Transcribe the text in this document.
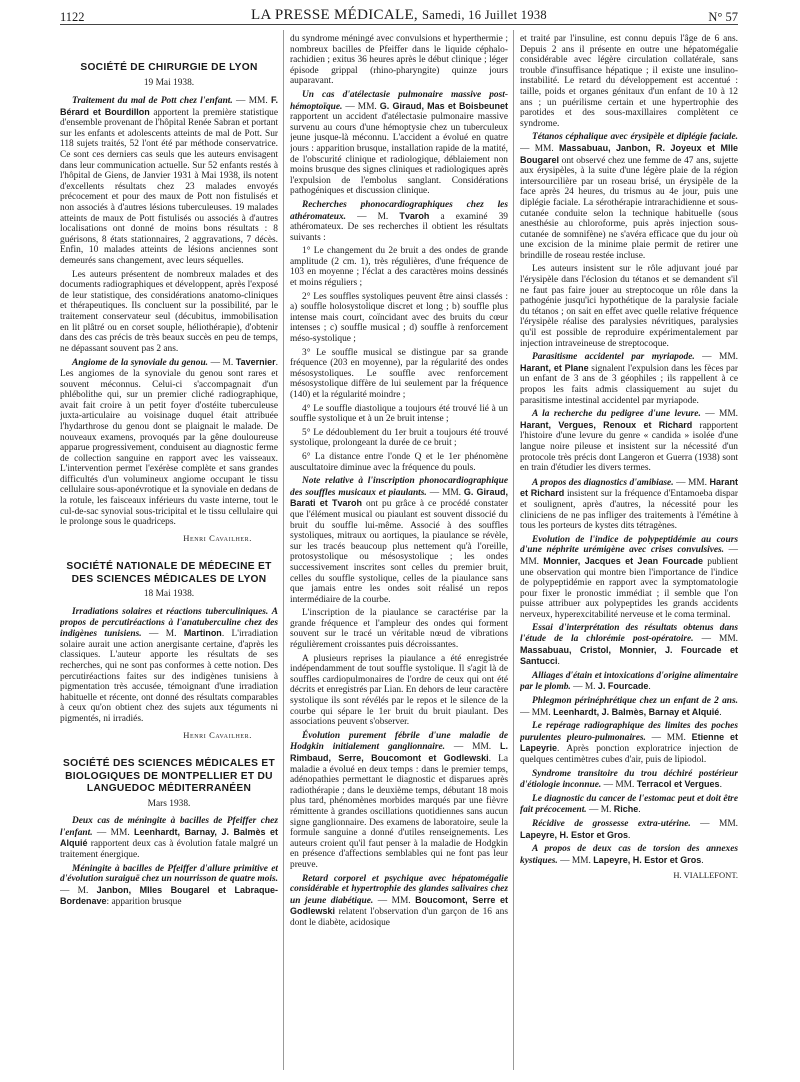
1122	LA PRESSE MÉDICALE, Samedi, 16 Juillet 1938	N° 57
SOCIÉTÉ DE CHIRURGIE DE LYON
19 Mai 1938.

Traitement du mal de Pott chez l'enfant. — MM. F. Bérard et Bourdillon apportent la première statistique d'ensemble provenant de l'hôpital Renée Sabran et portant sur les enfants et adolescents atteints de mal de Pott. Sur 118 sujets traités, 52 l'ont été par méthode conservatrice. Ce sont ces derniers cas seuls que les auteurs envisagent dans leur communication actuelle. Sur 52 enfants restés à l'hôpital de Giens, de Janvier 1931 à Mai 1938, ils notent d'excellents résultats chez 23 malades envoyés précocement et pour des maux de Pott non fistulisés et non associés à d'autres lésions tuberculeuses. 19 malades atteints de maux de Pott fistulisés ou associés à d'autres localisations ont donné de moins bons résultats : 8 guérisons, 8 états stationnaires, 2 aggravations, 7 décès. Enfin, 10 malades atteints de lésions anciennes sont demeurés sans changement, avec leurs séquelles.

Les auteurs présentent de nombreux malades et des documents radiographiques et développent, après l'exposé de leur statistique, des considérations anatomo-cliniques et thérapeutiques. Ils concluent sur la possibilité, par le traitement conservateur seul (décubitus, immobilisation en lit plâtré ou en corset souple, héliothérapie), d'obtenir dans des cas précis de très beaux succès en peu de temps, ne dépassant souvent pas 2 ans.

Angiome de la synoviale du genou. — M. Tavernier. Les angiomes de la synoviale du genou sont rares et souvent méconnus. Celui-ci s'accompagnait d'un phlébolithe qui, sur un premier cliché radiographique, avait fait croire à un petit foyer d'ostéite tuberculeuse juxta-articulaire au voisinage duquel était attribuée l'hydarthrose du genou dont se plaignait le malade. De nouveaux examens, provoqués par la gêne douloureuse apparue progressivement, conduisent au diagnostic ferme de collection sanguine en rapport avec les vaisseaux. L'intervention permet l'exérèse complète et sans grandes difficultés d'un volumineux angiome occupant le tissu cellulaire sous-aponévrotique et la synoviale en dedans de la rotule, les faisceaux inférieurs du vaste interne, tout le cul-de-sac synovial sous-tricipital et le tissu cellulaire qui le prolonge sous le quadriceps.

Henri Cavailher.
SOCIÉTÉ NATIONALE DE MÉDECINE ET DES SCIENCES MÉDICALES DE LYON
18 Mai 1938.

Irradiations solaires et réactions tuberculiniques. A propos de percutiréactions à l'anatuberculine chez des indigènes tunisiens. — M. Martinon. L'irradiation solaire aurait une action anergisante certaine, d'après les classiques. L'auteur apporte les résultats de ses recherches, qui ne sont pas conformes à cette notion. Des percutiréactions faites sur des indigènes tunisiens à pigmentation très accusée, témoignant d'une irradiation habituelle et récente, ont donné des résultats comparables à ceux qu'on obtient chez des sujets aux téguments ni pigmentés, ni irradiés.

Henri Cavailher.
SOCIÉTÉ DES SCIENCES MÉDICALES ET BIOLOGIQUES DE MONTPELLIER ET DU LANGUEDOC MÉDITERRANÉEN
Mars 1938.

Deux cas de méningite à bacilles de Pfeiffer chez l'enfant. — MM. Leenhardt, Barnay, J. Balmès et Alquié rapportent deux cas à évolution fatale malgré un traitement énergique.

Méningite à bacilles de Pfeiffer d'allure primitive et d'évolution suraiguë chez un nourrisson de quatre mois. — M. Janbon, Mlles Bougarel et Labraque-Bordenave: apparition brusque

du syndrome méningé avec convulsions et hyperthermie ; nombreux bacilles de Pfeiffer dans le liquide céphalo-rachidien ; exitus 36 heures après le début clinique ; léger épisode grippal (rhino-pharyngite) quinze jours auparavant.

Un cas d'atélectasie pulmonaire massive post-hémoptoïque. — MM. G. Giraud, Mas et Boisbeunet rapportent un accident d'atélectasie pulmonaire massive survenu au cours d'une hémoptysie chez un tuberculeux jeune jusque-là méconnu. L'accident a évolué en quatre jours : apparition brusque, installation rapide de la matité, de l'obscurité clinique et radiologique, déblaiement non moins brusque des signes cliniques et radiologiques après l'expulsion de l'embolus sanglant. Considérations pathogéniques et discussion clinique.

Recherches phonocardiographiques chez les athéromateux. — M. Tvaroh a examiné 39 athéromateux. De ses recherches il obtient les résultats suivants :

1° Le changement du 2e bruit a des ondes de grande amplitude (2 cm. 1), très régulières, d'une fréquence de 103 en moyenne ; l'éclat a des caractères moins dessinés et moins réguliers ;

2° Les souffles systoliques peuvent être ainsi classés : a) souffle holosystolique discret et long ; b) souffle plus intense mais court, coïncidant avec des bruits du cœur intenses ; c) souffle musical ; d) souffle à renforcement méso-systolique ;

3° Le souffle musical se distingue par sa grande fréquence (203 en moyenne), par la régularité des ondes mésosystoliques. Le souffle avec renforcement mésosystolique diffère de lui seulement par la fréquence (140) et la régularité moindre ;

4° Le souffle diastolique a toujours été trouvé lié à un souffle systolique et à un 2e bruit intense ;

5° Le dédoublement du 1er bruit a toujours été trouvé systolique, prolongeant la durée de ce bruit ;

6° La distance entre l'onde Q et le 1er phénomène auscultatoire diminue avec la fréquence du pouls.

Note relative à l'inscription phonocardiographique des souffles musicaux et piaulants. — MM. G. Giraud, Barati et Tvaroh ont pu grâce à ce procédé constater que l'élément musical ou piaulant est souvent dissocié du bruit du souffle lui-même. Associé à des souffles systoliques, mitraux ou aortiques, la piaulance se révèle, sur les tracés beaucoup plus nettement qu'à l'oreille, protosystolique ou mésosystolique ; les ondes successivement inscrites sont celles du premier bruit, celles du souffle systolique, celles de la piaulance sans que jamais entre les ondes soit réalisé un repos intermédiaire de la courbe.

L'inscription de la piaulance se caractérise par la grande fréquence et l'ampleur des ondes qui forment souvent sur le tracé un véritable nœud de vibrations régulièrement croissantes puis décroissantes.

A plusieurs reprises la piaulance a été enregistrée indépendamment de tout souffle systolique. Il s'agit là de souffles cardiopulmonaires de l'ordre de ceux qui ont été décrits et enregistrés par Lian. En dehors de leur caractère systolique ils sont révélés par le repos et le silence de la courbe qui sépare le 1er bruit du bruit piaulant. Des associations peuvent s'observer.

Évolution purement fébrile d'une maladie de Hodgkin initialement ganglionnaire. — MM. L. Rimbaud, Serre, Boucomont et Godlewski. La maladie a évolué en deux temps : dans le premier temps, adénopathies permettant le diagnostic et disparues après radiothérapie ; dans le deuxième temps, débutant 18 mois plus tard, phénomènes morbides marqués par une fièvre rémittente à grandes oscillations quotidiennes sans aucun signe ganglionnaire. Des examens de laboratoire, seule la formule sanguine a donné d'utiles renseignements. Les auteurs croient qu'il faut penser à la maladie de Hodgkin en présence d'affections semblables qui ne font pas leur preuve.

Retard corporel et psychique avec hépatomégalie considérable et hypertrophie des glandes salivaires chez un jeune diabétique. — MM. Boucomont, Serre et Godlewski relatent l'observation d'un garçon de 16 ans dont le diabète, acidosique

et traité par l'insuline, est connu depuis l'âge de 6 ans. Depuis 2 ans il présente en outre une hépatomégalie considérable avec légère circulation collatérale, sans trouble d'insuffisance hépatique ; il existe une insulino-instabilité. Le retard du développement est accentué : taille, poids et organes génitaux d'un enfant de 10 à 12 ans ; un puérilisme certain et une hypertrophie des parotides et des sous-maxillaires complètent ce syndrome.

Tétanos céphalique avec érysipèle et diplégie faciale. — MM. Massabuau, Janbon, R. Joyeux et Mlle Bougarel ont observé chez une femme de 47 ans, sujette aux érysipèles, à la suite d'une légère plaie de la région intersourcilière par un roseau brisé, un érysipèle de la face après 24 heures, du trismus au 4e jour, puis une diplégie faciale. La sérothérapie intrarachidienne et sous-cutanée conduite selon la technique habituelle (sous anesthésie au chloroforme, puis après injection sous-cutanée de somnifène) ne s'avéra efficace que du jour où une excision de la minime plaie permit de retirer une brindille de roseau restée incluse.

Les auteurs insistent sur le rôle adjuvant joué par l'érysipèle dans l'éclosion du tétanos et se demandent s'il ne faut pas faire jouer au streptocoque un rôle dans la pathogénie jusqu'ici hypothétique de la paralysie faciale du tétanos ; on sait en effet avec quelle relative fréquence l'érysipèle réalise des paralysies névritiques, paralysies qu'il est possible de reproduire expérimentalement par injection intraveineuse de streptocoque.

Parasitisme accidentel par myriapode. — MM. Harant, et Plane signalent l'expulsion dans les fèces par un enfant de 3 ans de 3 géophiles ; ils rappellent à ce propos les faits admis classiquement au sujet du parasitisme intestinal accidentel par myriapode.

A la recherche du pedigree d'une levure. — MM. Harant, Vergues, Renoux et Richard rapportent l'histoire d'une levure du genre « candida » isolée d'une langue noire pileuse et insistent sur la nécessité d'un protocole très précis dont Langeron et Guerra (1938) sont en train d'étudier les divers termes.

A propos des diagnostics d'amibiase. — MM. Harant et Richard insistent sur la fréquence d'Entamoeba dispar et soulignent, après d'autres, la nécessité pour les cliniciens de ne pas infliger des traitements à l'émétine à tous les porteurs de kystes dits tétragènes.

Evolution de l'indice de polypeptidémie au cours d'une néphrite urémigène avec crises convulsives. — MM. Monnier, Jacques et Jean Fourcade publient une observation qui montre bien l'importance de l'indice de polypeptidémie en rapport avec la symptomatologie pour fixer le pronostic immédiat ; il semble que l'on puisse attribuer aux polypeptides les grands accidents nerveux, hyperexcitabilité nerveuse et le coma terminal.

Essai d'interprétation des résultats obtenus dans l'étude de la chlorémie post-opératoire. — MM. Massabuau, Cristol, Monnier, J. Fourcade et Santucci.

Alliages d'étain et intoxications d'origine alimentaire par le plomb. — M. J. Fourcade.

Phlegmon périnéphrétique chez un enfant de 2 ans. — MM. Leenhardt, J. Balmès, Barnay et Alquié.

Le repérage radiographique des limites des poches purulentes pleuro-pulmonaires. — MM. Etienne et Lapeyrie. Après ponction exploratrice injection de quelques centimètres cubes d'air, puis de lipiodol.

Syndrome transitoire du trou déchiré postérieur d'étiologie inconnue. — MM. Terracol et Vergues.

Le diagnostic du cancer de l'estomac peut et doit être fait précocement. — M. Riche.

Récidive de grossesse extra-utérine. — MM. Lapeyre, H. Estor et Gros.

A propos de deux cas de torsion des annexes kystiques. — MM. Lapeyre, H. Estor et Gros.

H. VIALLEFONT.
